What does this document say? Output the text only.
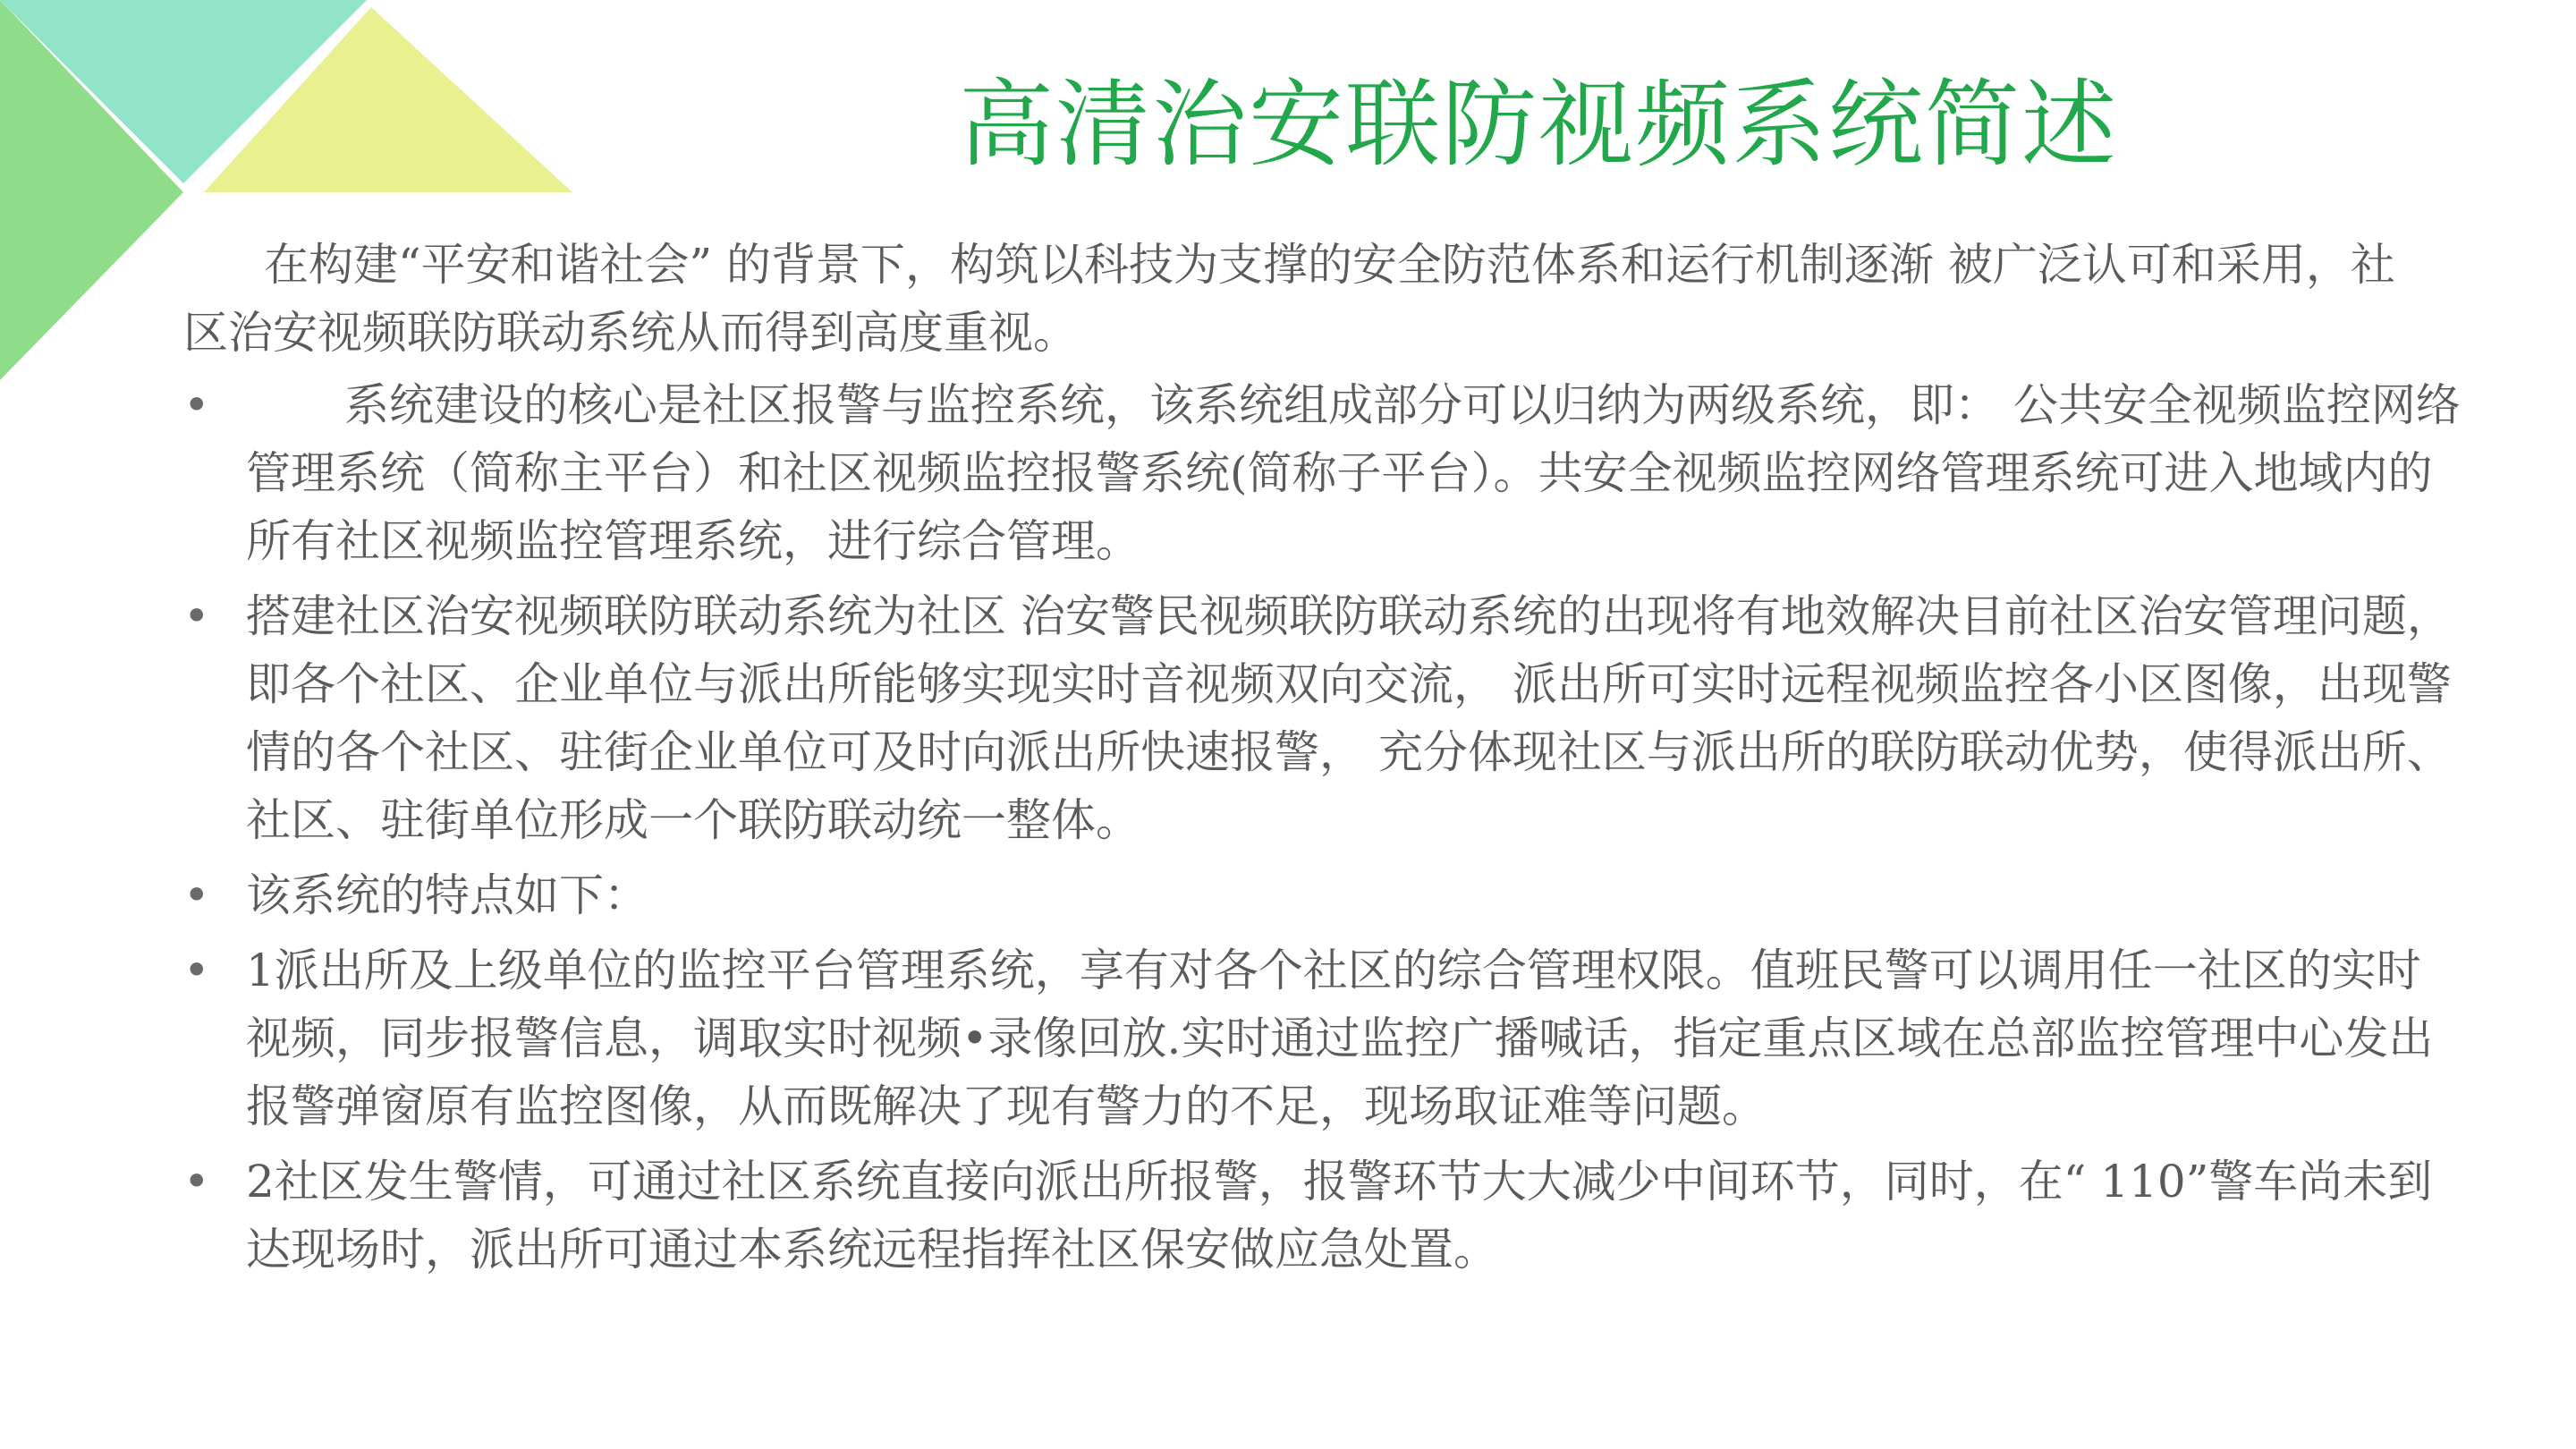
高清治安联防视频系统简述
在构建“平安和谐社会” 的背景下，构筑以科技为支撑的安全防范体系和运行机制逐渐 被广泛认可和采用，社区治安视频联防联动系统从而得到高度重视。
•	系统建设的核心是社区报警与监控系统，该系统组成部分可以归纳为两级系统，即： 公共安全视频监控网络管理系统（简称主平台）和社区视频监控报警系统(简称子平台）。共安全视频监控网络管理系统可进入地域内的所有社区视频监控管理系统，进行综合管理。
• 搭建社区治安视频联防联动系统为社区 治安警民视频联防联动系统的出现将有地效解决目前社区治安管理问题，即各个社区、企业单位与派出所能够实现实时音视频双向交流， 派出所可实时远程视频监控各小区图像，出现警情的各个社区、驻街企业单位可及时向派出所快速报警， 充分体现社区与派出所的联防联动优势，使得派出所、社区、驻街单位形成一个联防联动统一整体。
• 该系统的特点如下：
• 1派出所及上级单位的监控平台管理系统，享有对各个社区的综合管理权限。值班民警可以调用任一社区的实时视频，同步报警信息，调取实时视频•录像回放.实时通过监控广播喊话，指定重点区域在总部监控管理中心发出报警弹窗原有监控图像，从而既解决了现有警力的不足，现场取证难等问题。
• 2社区发生警情，可通过社区系统直接向派出所报警，报警环节大大减少中间环节，同时，在“ 110”警车尚未到达现场时，派出所可通过本系统远程指挥社区保安做应急处置。
